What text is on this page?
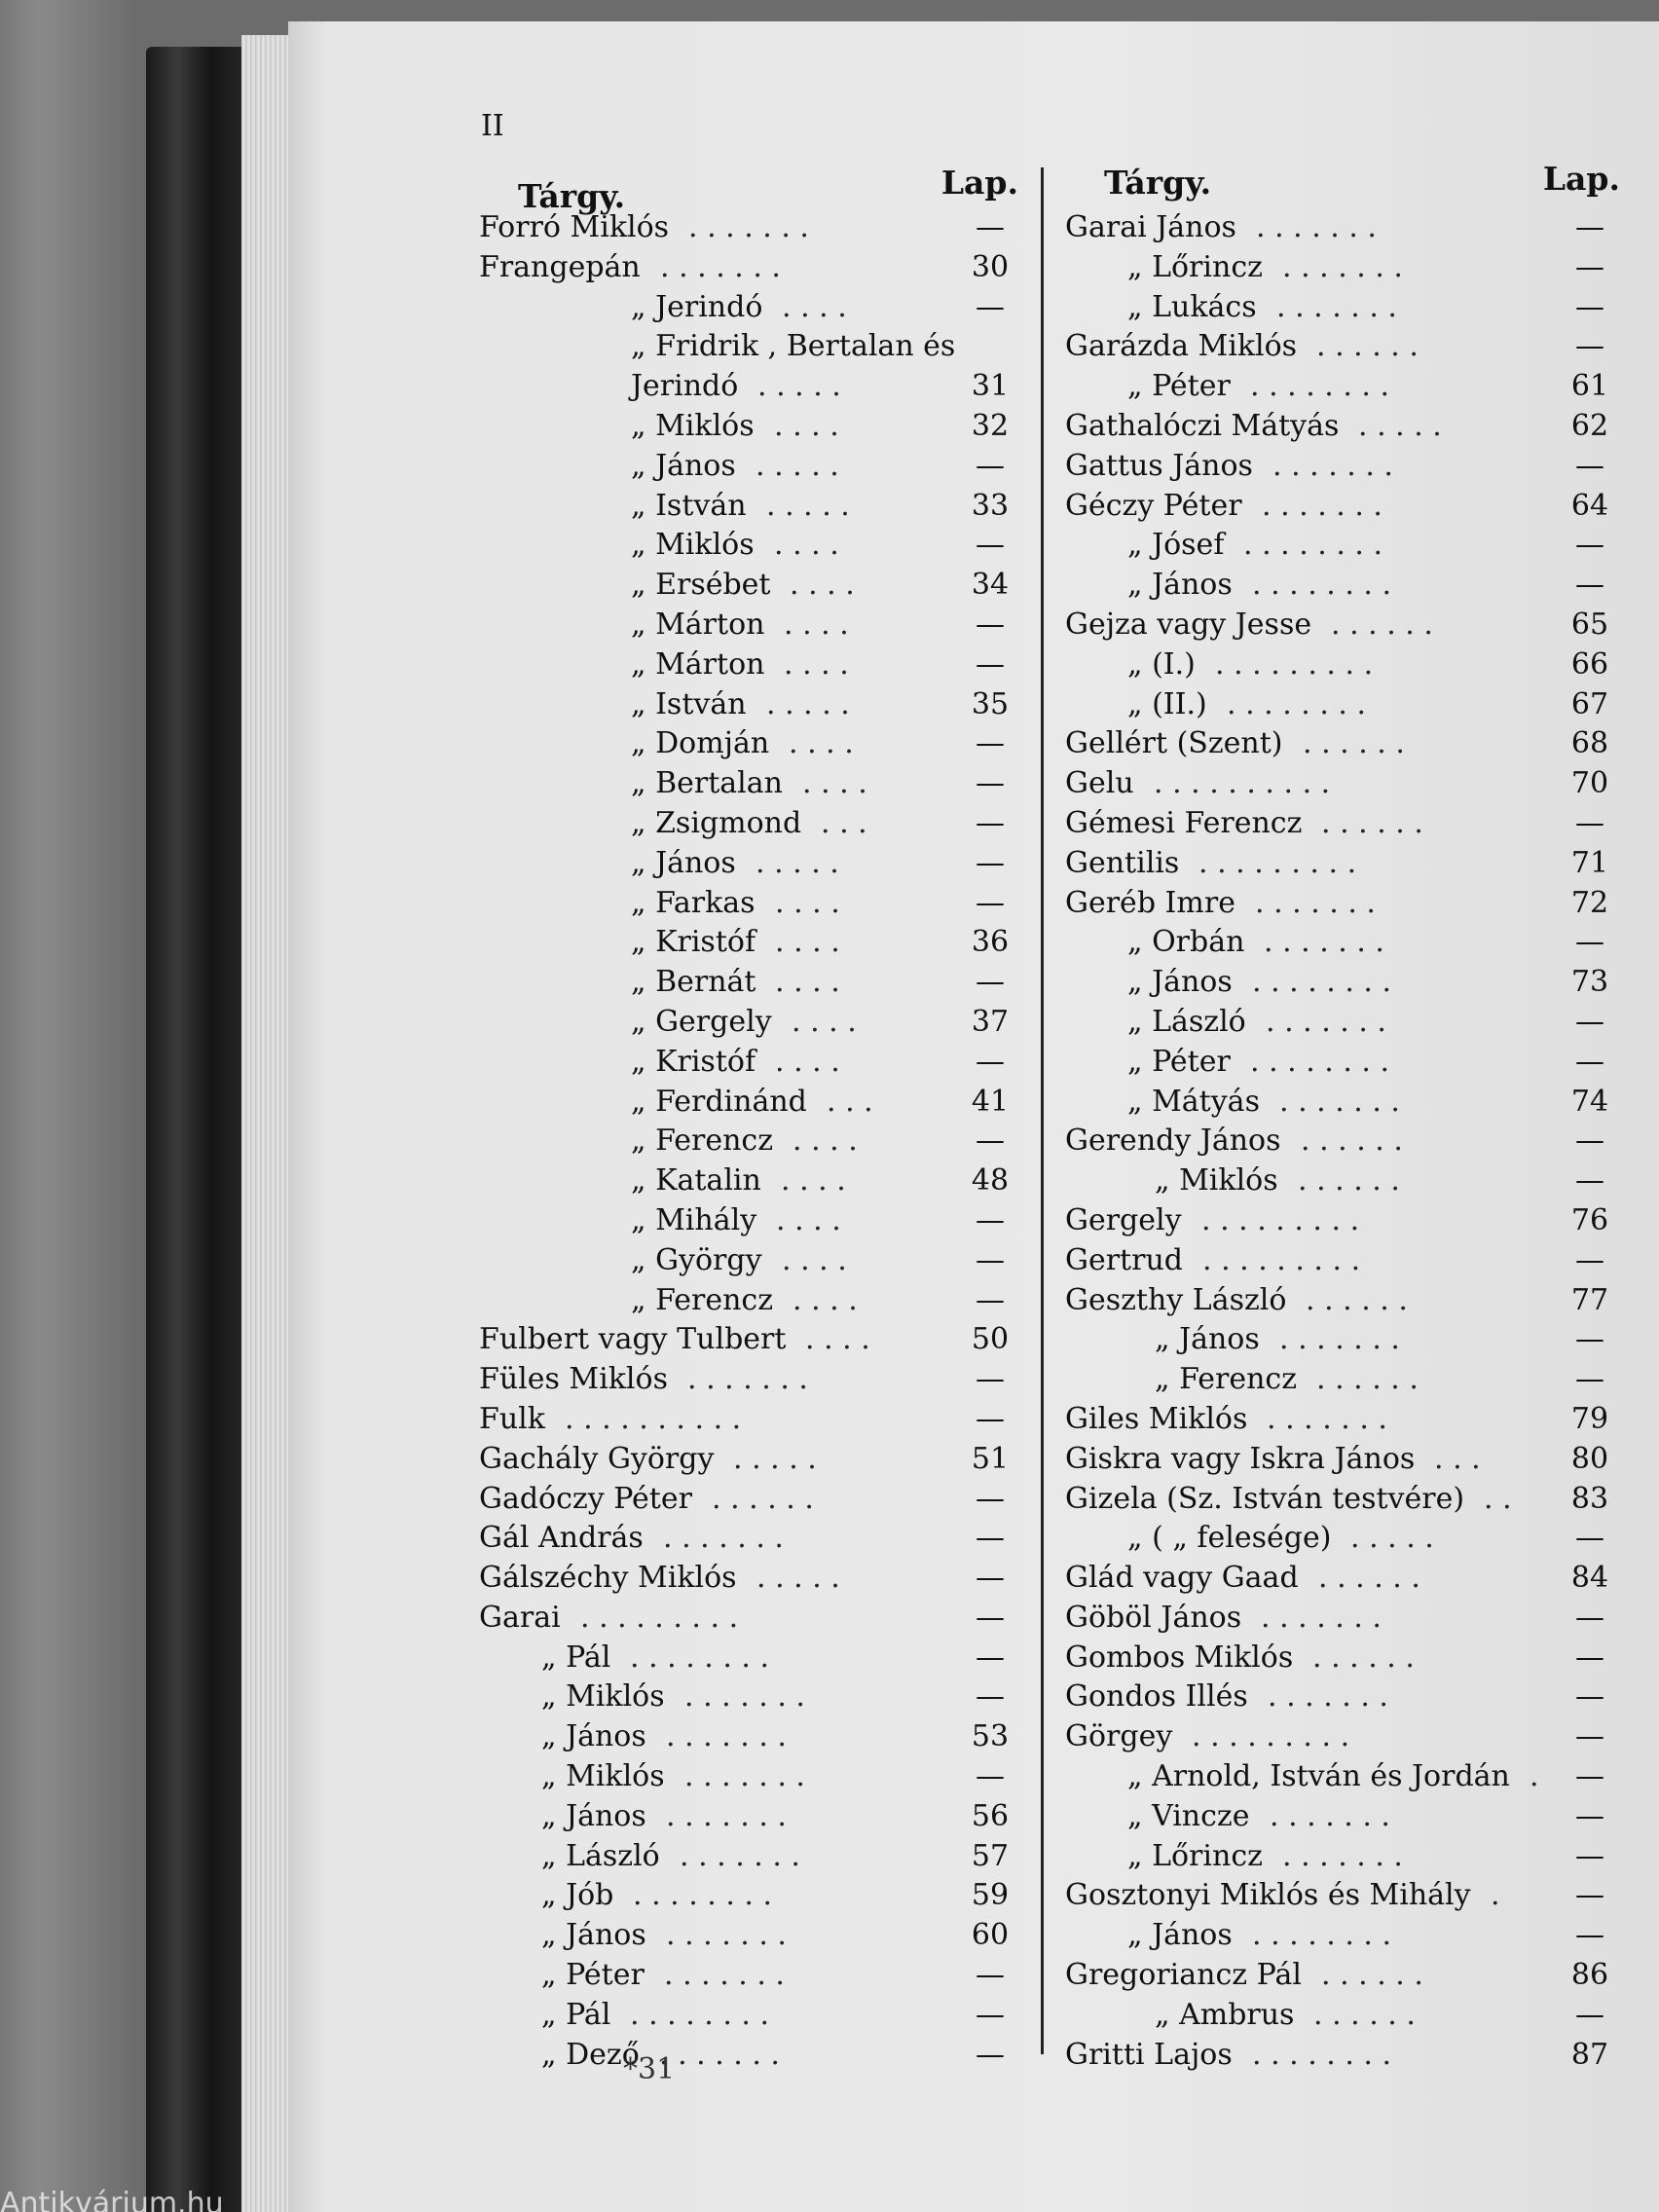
II
Tárgy.	Lap.
Forró Miklós	—
. . . . . . .
Frangepán	30
. . . . . . .
„ Jerindó	—
. . . .
„ Fridrik , Bertalan és
Jerindó	31
. . . . .
„ Miklós	32
. . . .
„ János	—
. . . . .
„ István	33
. . . . .
„ Miklós	—
. . . .
„ Ersébet	34
. . . .
„ Márton	—
. . . .
„ Márton	—
. . . .
„ István	35
. . . . .
„ Domján	—
. . . .
„ Bertalan	—
. . . .
„ Zsigmond	—
. . .
„ János	—
. . . . .
„ Farkas	—
. . . .
„ Kristóf	36
. . . .
„ Bernát	—
. . . .
„ Gergely	37
. . . .
„ Kristóf	—
. . . .
„ Ferdinánd	41
. . .
„ Ferencz	—
. . . .
„ Katalin	48
. . . .
„ Mihály	—
. . . .
„ György	—
. . . .
„ Ferencz	—
. . . .
Fulbert vagy Tulbert	50
. . . .
Füles Miklós	—
. . . . . . .
Fulk	—
. . . . . . . . . .
Gachály György	51
. . . . .
Gadóczy Péter	—
. . . . . .
Gál András	—
. . . . . . .
Gálszéchy Miklós	—
. . . . .
Garai	—
. . . . . . . . .
„ Pál	—
. . . . . . . .
„ Miklós	—
. . . . . . .
„ János	53
. . . . . . .
„ Miklós	—
. . . . . . .
„ János	56
. . . . . . .
„ László	57
. . . . . . .
„ Jób	59
. . . . . . . .
„ János	60
. . . . . . .
„ Péter	—
. . . . . . .
„ Pál	—
. . . . . . . .
„ Dező	—
. . . . . . .
Tárgy.	Lap.
Garai János	—
. . . . . . .
„ Lőrincz	—
. . . . . . .
„ Lukács	—
. . . . . . .
Garázda Miklós	—
. . . . . .
„ Péter	61
. . . . . . . .
Gathalóczi Mátyás	62
. . . . .
Gattus János	—
. . . . . . .
Géczy Péter	64
. . . . . . .
„ Jósef	—
. . . . . . . .
„ János	—
. . . . . . . .
Gejza vagy Jesse	65
. . . . . .
„ (I.)	66
. . . . . . . . .
„ (II.)	67
. . . . . . . .
Gellért (Szent)	68
. . . . . .
Gelu	70
. . . . . . . . . .
Gémesi Ferencz	—
. . . . . .
Gentilis	71
. . . . . . . . .
Geréb Imre	72
. . . . . . .
„ Orbán	—
. . . . . . .
„ János	73
. . . . . . . .
„ László	—
. . . . . . .
„ Péter	—
. . . . . . . .
„ Mátyás	74
. . . . . . .
Gerendy János	—
. . . . . .
„ Miklós	—
. . . . . .
Gergely	76
. . . . . . . . .
Gertrud	—
. . . . . . . . .
Geszthy László	77
. . . . . .
„ János	—
. . . . . . .
„ Ferencz	—
. . . . . .
Giles Miklós	79
. . . . . . .
Giskra vagy Iskra János	80
. . .
Gizela (Sz. István testvére)	83
. .
„ ( „ felesége)	—
. . . . .
Glád vagy Gaad	84
. . . . . .
Göböl János	—
. . . . . . .
Gombos Miklós	—
. . . . . .
Gondos Illés	—
. . . . . . .
Görgey	—
. . . . . . . . .
„ Arnold, István és Jordán	—
.
„ Vincze	—
. . . . . . .
„ Lőrincz	—
. . . . . . .
Gosztonyi Miklós és Mihály	—
.
„ János	—
. . . . . . . .
Gregoriancz Pál	86
. . . . . .
„ Ambrus	—
. . . . . .
Gritti Lajos	87
. . . . . . . .
*31
Antikvárium.hu
